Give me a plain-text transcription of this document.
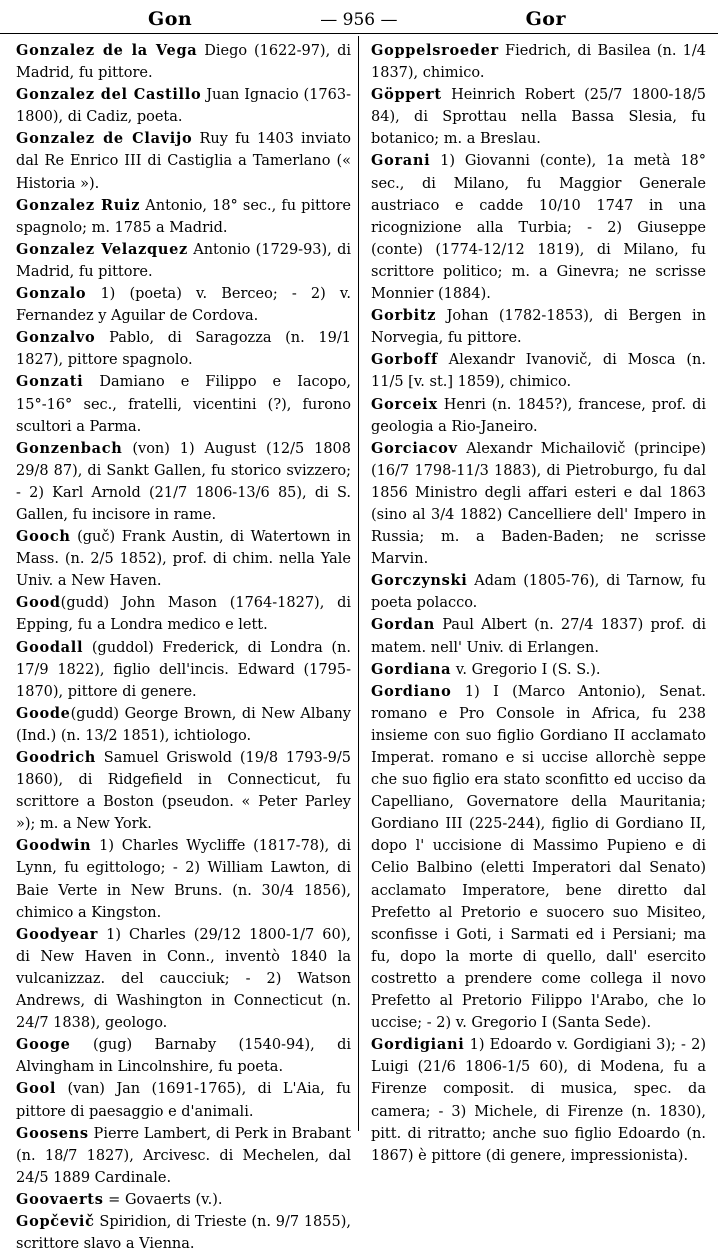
Gon	— 956 —	Gor

Gonzalez de la Vega Diego (1622-97), di Madrid, fu pittore.

Gonzalez del Castillo Juan Ignacio (1763-1800), di Cadiz, poeta.

Gonzalez de Clavijo Ruy fu 1403 inviato dal Re Enrico III di Castiglia a Tamerlano (« Historia »).

Gonzalez Ruiz Antonio, 18° sec., fu pittore spagnolo; m. 1785 a Madrid.

Gonzalez Velazquez Antonio (1729-93), di Madrid, fu pittore.

Gonzalo 1) (poeta) v. Berceo; - 2) v. Fernandez y Aguilar de Cordova.

Gonzalvo Pablo, di Saragozza (n. 19/1 1827), pittore spagnolo.

Gonzati Damiano e Filippo e Iacopo, 15°-16° sec., fratelli, vicentini (?), furono scultori a Parma.

Gonzenbach (von) 1) August (12/5 1808 29/8 87), di Sankt Gallen, fu storico svizzero; - 2) Karl Arnold (21/7 1806-13/6 85), di S. Gallen, fu incisore in rame.

Gooch (guč) Frank Austin, di Watertown in Mass. (n. 2/5 1852), prof. di chim. nella Yale Univ. a New Haven.

Good(gudd) John Mason (1764-1827), di Epping, fu a Londra medico e lett.

Goodall (guddol) Frederick, di Londra (n. 17/9 1822), figlio dell'incis. Edward (1795-1870), pittore di genere.

Goode(gudd) George Brown, di New Albany (Ind.) (n. 13/2 1851), ichtiologo.

Goodrich Samuel Griswold (19/8 1793-9/5 1860), di Ridgefield in Connecticut, fu scrittore a Boston (pseudon. « Peter Parley »); m. a New York.

Goodwin 1) Charles Wycliffe (1817-78), di Lynn, fu egittologo; - 2) William Lawton, di Baie Verte in New Bruns. (n. 30/4 1856), chimico a Kingston.

Goodyear 1) Charles (29/12 1800-1/7 60), di New Haven in Conn., inventò 1840 la vulcanizzaz. del caucciuk; - 2) Watson Andrews, di Washington in Connecticut (n. 24/7 1838), geologo.

Googe (gug) Barnaby (1540-94), di Alvingham in Lincolnshire, fu poeta.

Gool (van) Jan (1691-1765), di L'Aia, fu pittore di paesaggio e d'animali.

Goosens Pierre Lambert, di Perk in Brabant (n. 18/7 1827), Arcivesc. di Mechelen, dal 24/5 1889 Cardinale.

Goovaerts = Govaerts (v.).

Gopčevič Spiridion, di Trieste (n. 9/7 1855), scrittore slavo a Vienna.

Goppelsroeder Fiedrich, di Basilea (n. 1/4 1837), chimico.

Göppert Heinrich Robert (25/7 1800-18/5 84), di Sprottau nella Bassa Slesia, fu botanico; m. a Breslau.

Gorani 1) Giovanni (conte), 1a metà 18° sec., di Milano, fu Maggior Generale austriaco e cadde 10/10 1747 in una ricognizione alla Turbia; - 2) Giuseppe (conte) (1774-12/12 1819), di Milano, fu scrittore politico; m. a Ginevra; ne scrisse Monnier (1884).

Gorbitz Johan (1782-1853), di Bergen in Norvegia, fu pittore.

Gorboff Alexandr Ivanovič, di Mosca (n. 11/5 [v. st.] 1859), chimico.

Gorceix Henri (n. 1845?), francese, prof. di geologia a Rio-Janeiro.

Gorciacov Alexandr Michailovič (principe) (16/7 1798-11/3 1883), di Pietroburgo, fu dal 1856 Ministro degli affari esteri e dal 1863 (sino al 3/4 1882) Cancelliere dell' Impero in Russia; m. a Baden-Baden; ne scrisse Marvin.

Gorczynski Adam (1805-76), di Tarnow, fu poeta polacco.

Gordan Paul Albert (n. 27/4 1837) prof. di matem. nell' Univ. di Erlangen.

Gordiana v. Gregorio I (S. S.).

Gordiano 1) I (Marco Antonio), Senat. romano e Pro Console in Africa, fu 238 insieme con suo figlio Gordiano II acclamato Imperat. romano e si uccise allorchè seppe che suo figlio era stato sconfitto ed ucciso da Capelliano, Governatore della Mauritania; Gordiano III (225-244), figlio di Gordiano II, dopo l' uccisione di Massimo Pupieno e di Celio Balbino (eletti Imperatori dal Senato) acclamato Imperatore, bene diretto dal Prefetto al Pretorio e suocero suo Misiteo, sconfisse i Goti, i Sarmati ed i Persiani; ma fu, dopo la morte di quello, dall' esercito costretto a prendere come collega il novo Prefetto al Pretorio Filippo l'Arabo, che lo uccise; - 2) v. Gregorio I (Santa Sede).

Gordigiani 1) Edoardo v. Gordigiani 3); - 2) Luigi (21/6 1806-1/5 60), di Modena, fu a Firenze composit. di musica, spec. da camera; - 3) Michele, di Firenze (n. 1830), pitt. di ritratto; anche suo figlio Edoardo (n. 1867) è pittore (di genere, impressionista).
